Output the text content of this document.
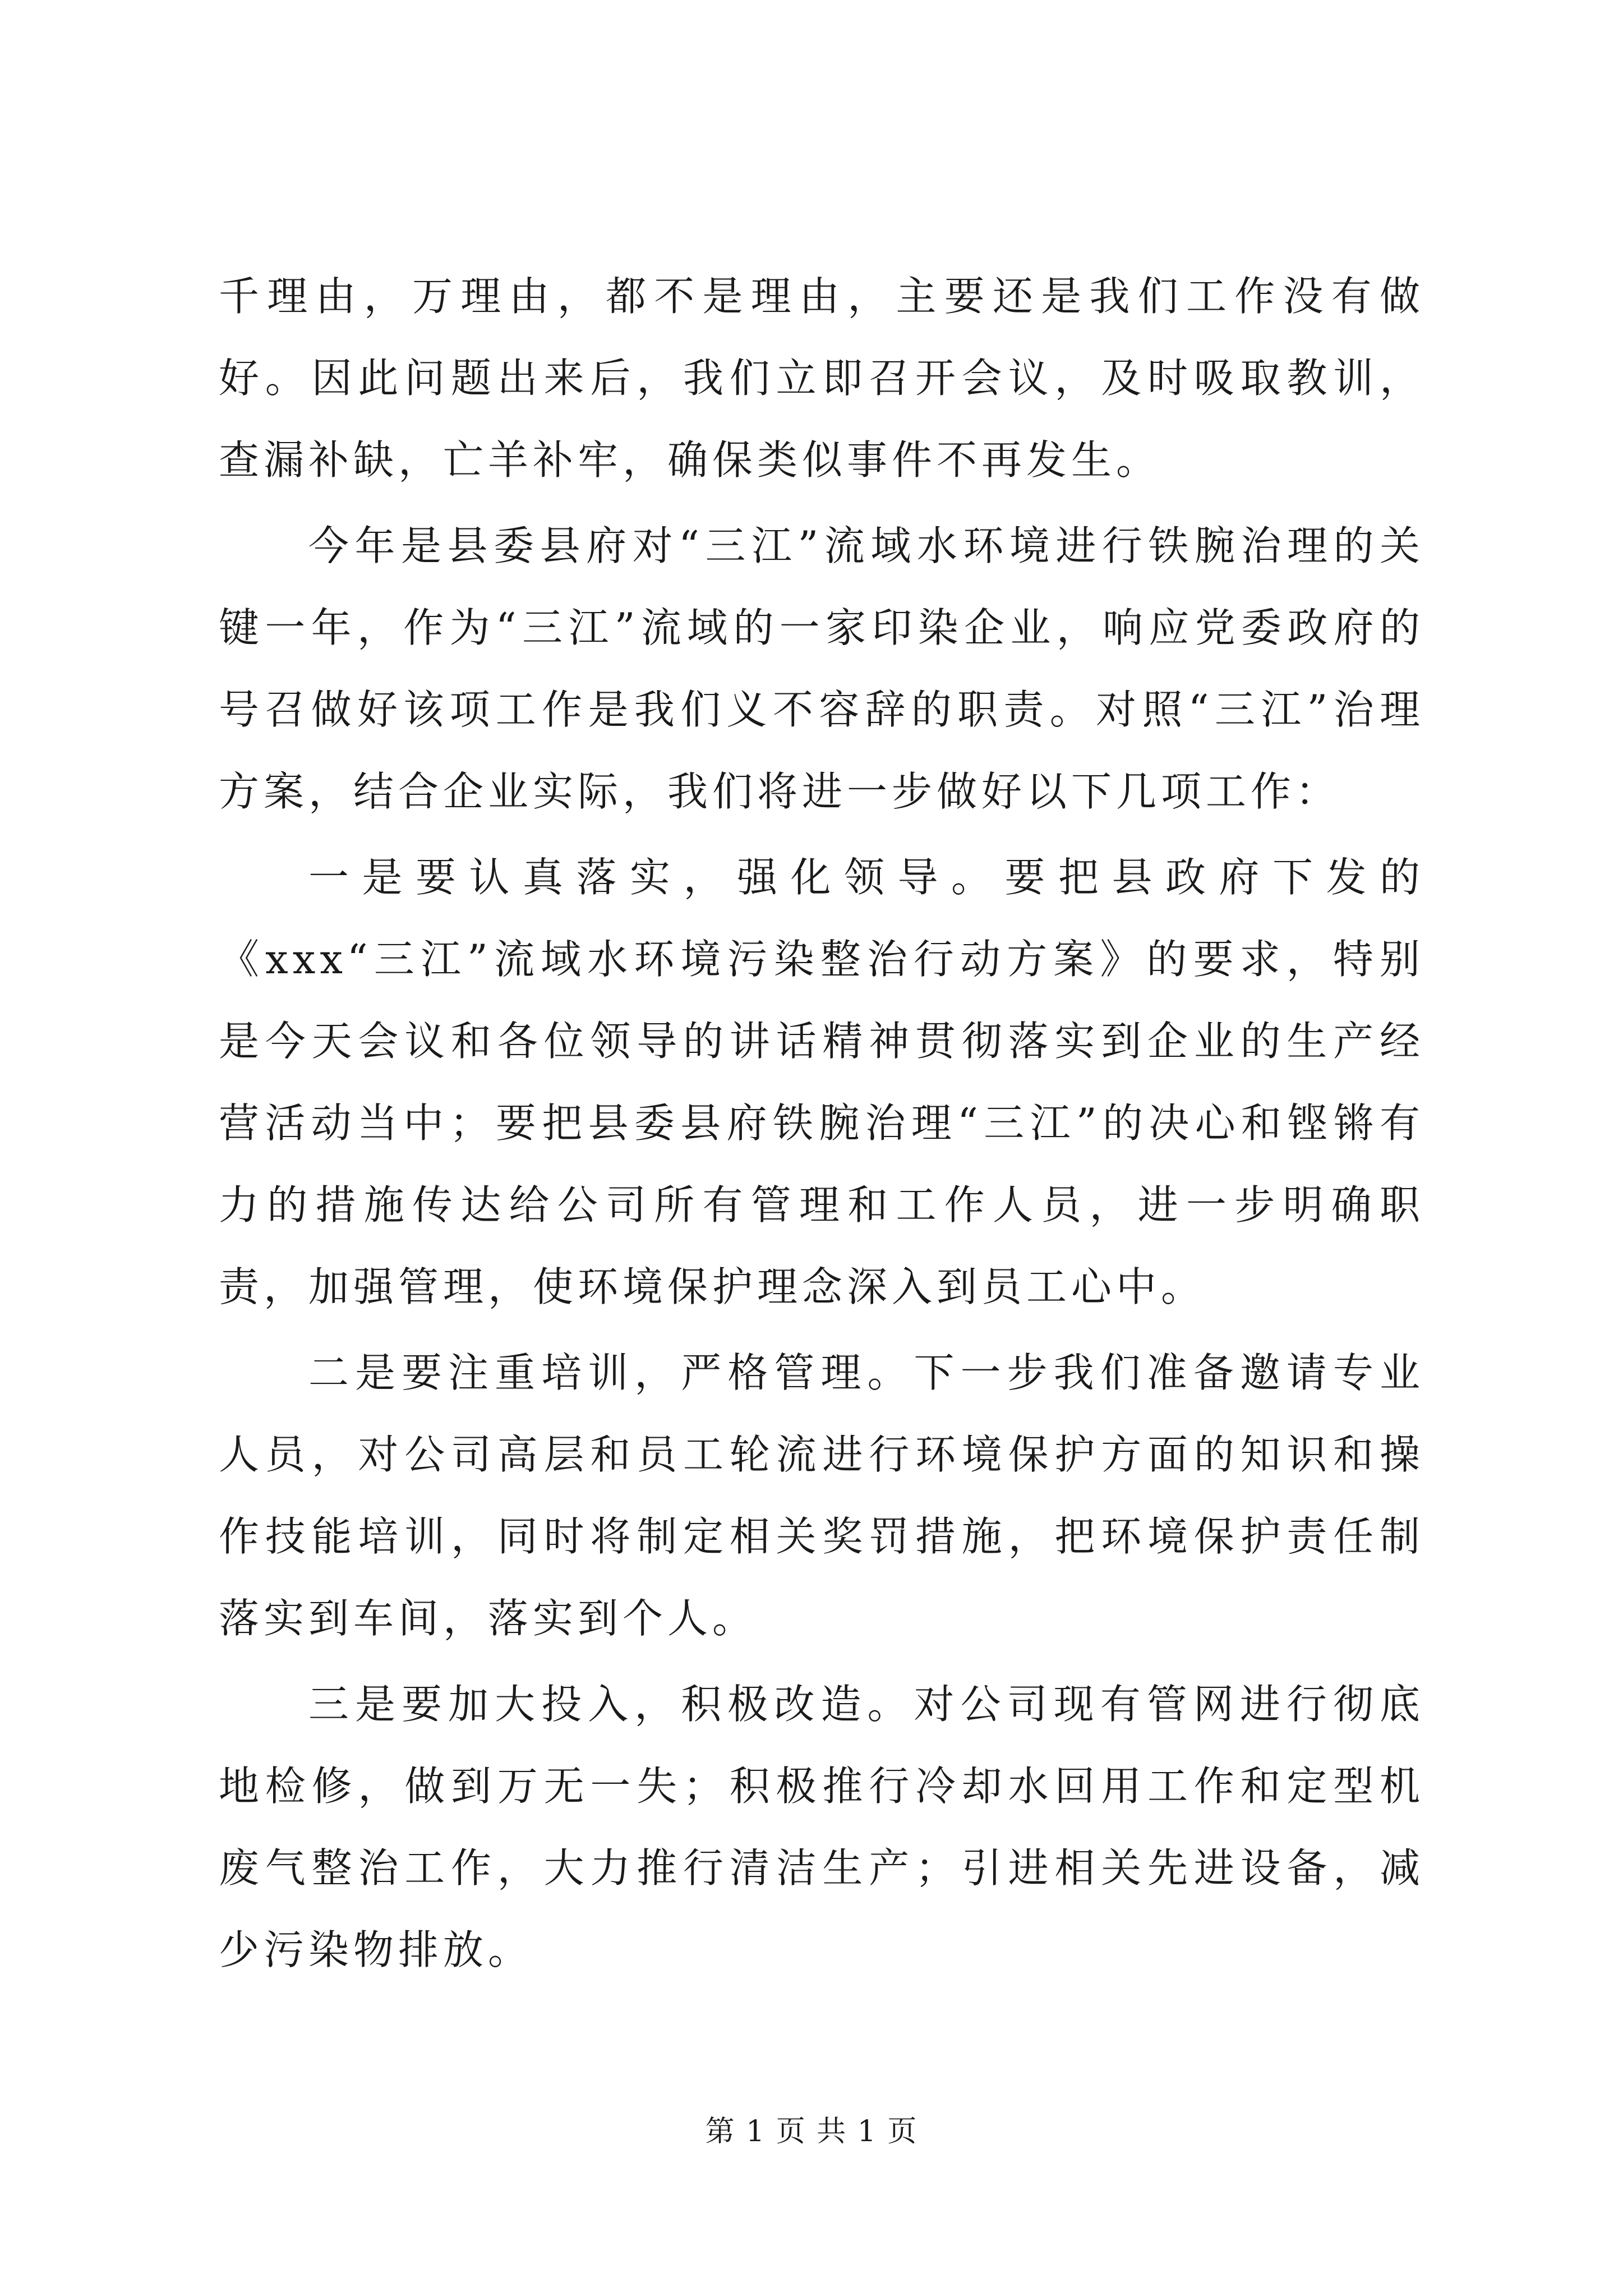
千理由，万理由，都不是理由，主要还是我们工作没有做好。因此问题出来后，我们立即召开会议，及时吸取教训，查漏补缺，亡羊补牢，确保类似事件不再发生。

今年是县委县府对“三江”流域水环境进行铁腕治理的关键一年，作为“三江”流域的一家印染企业，响应党委政府的号召做好该项工作是我们义不容辞的职责。对照“三江”治理方案，结合企业实际，我们将进一步做好以下几项工作：

一是要认真落实，强化领导。要把县政府下发的《xxx“三江”流域水环境污染整治行动方案》的要求，特别是今天会议和各位领导的讲话精神贯彻落实到企业的生产经营活动当中；要把县委县府铁腕治理“三江”的决心和铿锵有力的措施传达给公司所有管理和工作人员，进一步明确职责，加强管理，使环境保护理念深入到员工心中。

二是要注重培训，严格管理。下一步我们准备邀请专业人员，对公司高层和员工轮流进行环境保护方面的知识和操作技能培训，同时将制定相关奖罚措施，把环境保护责任制落实到车间，落实到个人。

三是要加大投入，积极改造。对公司现有管网进行彻底地检修，做到万无一失；积极推行冷却水回用工作和定型机废气整治工作，大力推行清洁生产；引进相关先进设备，减少污染物排放。

第 1 页 共 1 页
